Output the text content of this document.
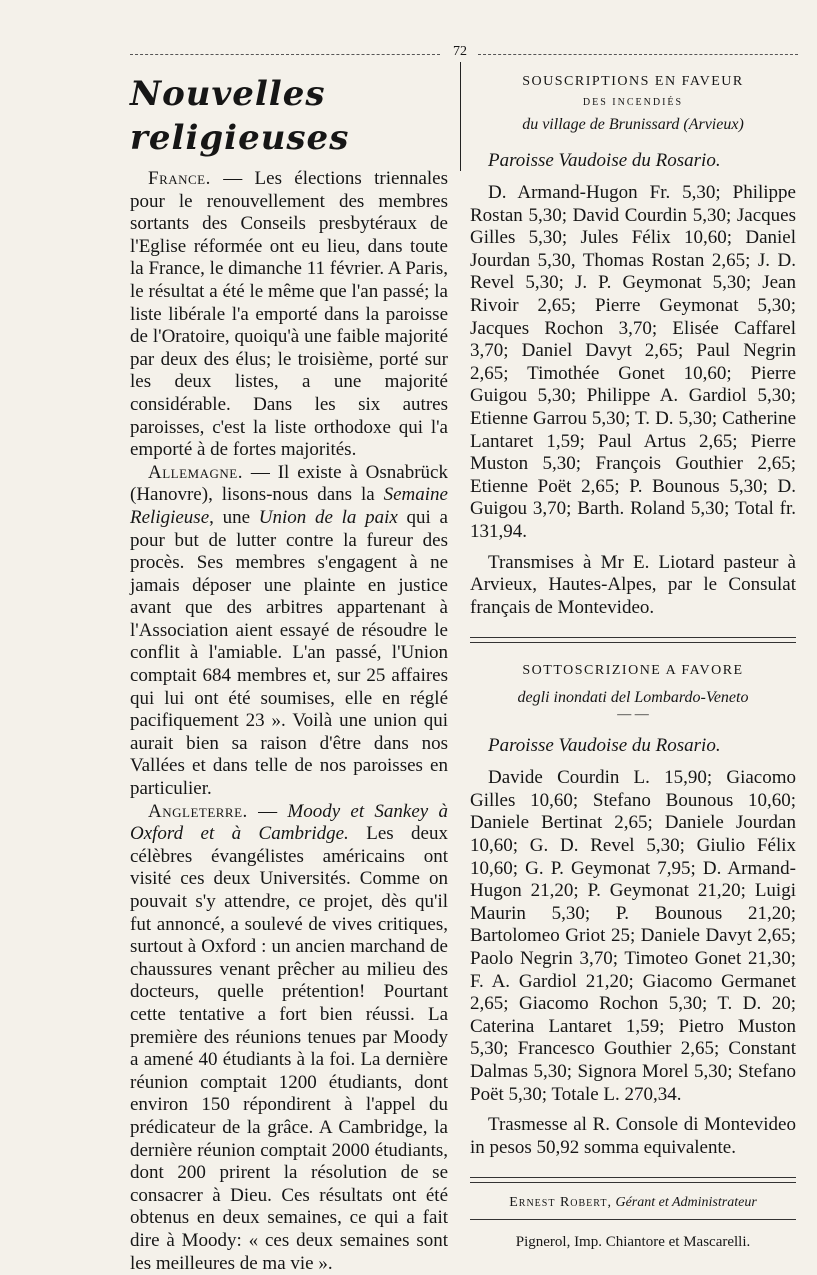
72
Nouvelles religieuses

France. — Les élections triennales pour le renouvellement des membres sortants des Conseils presbytéraux de l'Eglise réformée ont eu lieu, dans toute la France, le dimanche 11 février. A Paris, le résultat a été le même que l'an passé; la liste libérale l'a emporté dans la paroisse de l'Oratoire, quoiqu'à une faible majorité par deux des élus; le troisième, porté sur les deux listes, a une majorité considérable. Dans les six autres paroisses, c'est la liste orthodoxe qui l'a emporté à de fortes majorités.

Allemagne. — Il existe à Osnabrück (Hanovre), lisons-nous dans la Semaine Religieuse, une Union de la paix qui a pour but de lutter contre la fureur des procès. Ses membres s'engagent à ne jamais déposer une plainte en justice avant que des arbitres appartenant à l'Association aient essayé de résoudre le conflit à l'amiable. L'an passé, l'Union comptait 684 membres et, sur 25 affaires qui lui ont été soumises, elle en réglé pacifiquement 23 ». Voilà une union qui aurait bien sa raison d'être dans nos Vallées et dans telle de nos paroisses en particulier.

Angleterre. — Moody et Sankey à Oxford et à Cambridge. Les deux célèbres évangélistes américains ont visité ces deux Universités. Comme on pouvait s'y attendre, ce projet, dès qu'il fut annoncé, a soulevé de vives critiques, surtout à Oxford : un ancien marchand de chaussures venant prêcher au milieu des docteurs, quelle prétention! Pourtant cette tentative a fort bien réussi. La première des réunions tenues par Moody a amené 40 étudiants à la foi. La dernière réunion comptait 1200 étudiants, dont environ 150 répondirent à l'appel du prédicateur de la grâce. A Cambridge, la dernière réunion comptait 2000 étudiants, dont 200 prirent la résolution de se consacrer à Dieu. Ces résultats ont été obtenus en deux semaines, ce qui a fait dire à Moody: « ces deux semaines sont les meilleures de ma vie ».

SOUSCRIPTIONS EN FAVEUR
DES INCENDIÉS
du village de Brunissard (Arvieux)
Paroisse Vaudoise du Rosario.

D. Armand-Hugon Fr. 5,30; Philippe Rostan 5,30; David Courdin 5,30; Jacques Gilles 5,30; Jules Félix 10,60; Daniel Jourdan 5,30, Thomas Rostan 2,65; J. D. Revel 5,30; J. P. Geymonat 5,30; Jean Rivoir 2,65; Pierre Geymonat 5,30; Jacques Rochon 3,70; Elisée Caffarel 3,70; Daniel Davyt 2,65; Paul Negrin 2,65; Timothée Gonet 10,60; Pierre Guigou 5,30; Philippe A. Gardiol 5,30; Etienne Garrou 5,30; T. D. 5,30; Catherine Lantaret 1,59; Paul Artus 2,65; Pierre Muston 5,30; François Gouthier 2,65; Etienne Poët 2,65; P. Bounous 5,30; D. Guigou 3,70; Barth. Roland 5,30; Total fr. 131,94.

Transmises à Mr E. Liotard pasteur à Arvieux, Hautes-Alpes, par le Consulat français de Montevideo.

SOTTOSCRIZIONE A FAVORE
degli inondati del Lombardo-Veneto
— —
Paroisse Vaudoise du Rosario.

Davide Courdin L. 15,90; Giacomo Gilles 10,60; Stefano Bounous 10,60; Daniele Bertinat 2,65; Daniele Jourdan 10,60; G. D. Revel 5,30; Giulio Félix 10,60; G. P. Geymonat 7,95; D. Armand-Hugon 21,20; P. Geymonat 21,20; Luigi Maurin 5,30; P. Bounous 21,20; Bartolomeo Griot 25; Daniele Davyt 2,65; Paolo Negrin 3,70; Timoteo Gonet 21,30; F. A. Gardiol 21,20; Giacomo Germanet 2,65; Giacomo Rochon 5,30; T. D. 20; Caterina Lantaret 1,59; Pietro Muston 5,30; Francesco Gouthier 2,65; Constant Dalmas 5,30; Signora Morel 5,30; Stefano Poët 5,30; Totale L. 270,34.

Trasmesse al R. Console di Montevideo in pesos 50,92 somma equivalente.

Ernest Robert, Gérant et Administrateur
Pignerol, Imp. Chiantore et Mascarelli.
